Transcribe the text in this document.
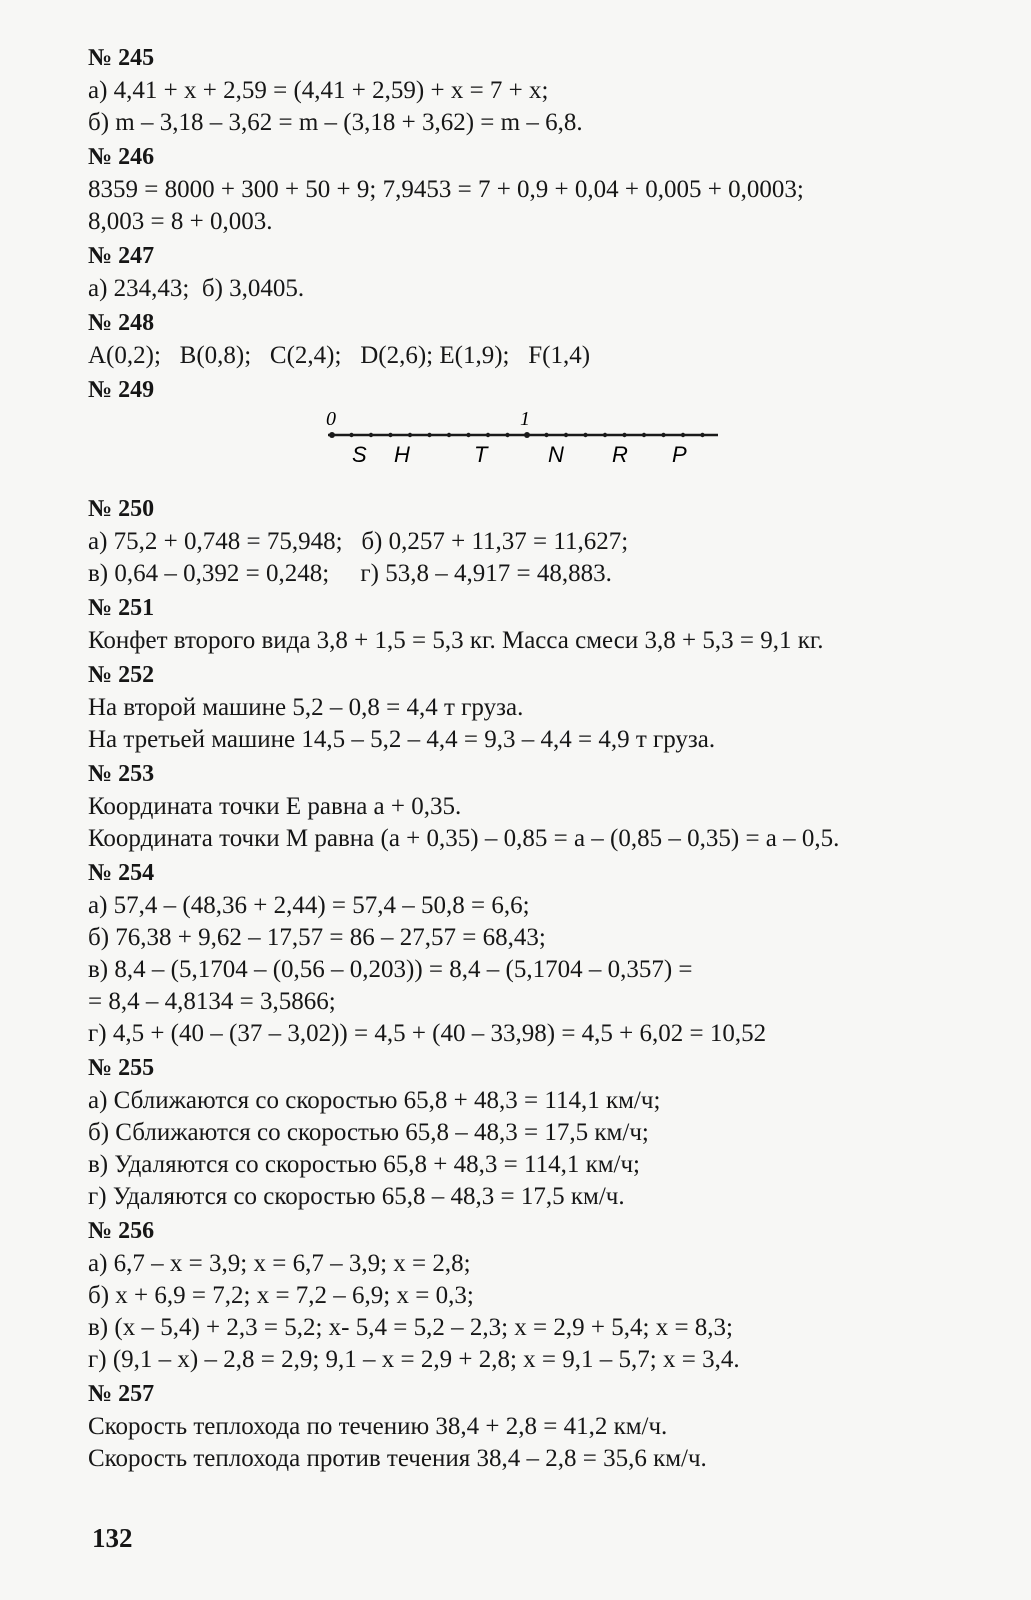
№ 245
а) 4,41 + x + 2,59 = (4,41 + 2,59) + x = 7 + x;
б) m – 3,18 – 3,62 = m – (3,18 + 3,62) = m – 6,8.
№ 246
8359 = 8000 + 300 + 50 + 9; 7,9453 = 7 + 0,9 + 0,04 + 0,005 + 0,0003;
8,003 = 8 + 0,003.
№ 247
а) 234,43;  б) 3,0405.
№ 248
A(0,2);   B(0,8);   C(2,4);   D(2,6); E(1,9);   F(1,4)
№ 249
0	1
S H	T	N R P
№ 250
а) 75,2 + 0,748 = 75,948;   б) 0,257 + 11,37 = 11,627;
в) 0,64 – 0,392 = 0,248;     г) 53,8 – 4,917 = 48,883.
№ 251
Конфет второго вида 3,8 + 1,5 = 5,3 кг. Масса смеси 3,8 + 5,3 = 9,1 кг.
№ 252
На второй машине 5,2 – 0,8 = 4,4 т груза.
На третьей машине 14,5 – 5,2 – 4,4 = 9,3 – 4,4 = 4,9 т груза.
№ 253
Координата точки E равна a + 0,35.
Координата точки M равна (a + 0,35) – 0,85 = a – (0,85 – 0,35) = a – 0,5.
№ 254
а) 57,4 – (48,36 + 2,44) = 57,4 – 50,8 = 6,6;
б) 76,38 + 9,62 – 17,57 = 86 – 27,57 = 68,43;
в) 8,4 – (5,1704 – (0,56 – 0,203)) = 8,4 – (5,1704 – 0,357) =
= 8,4 – 4,8134 = 3,5866;
г) 4,5 + (40 – (37 – 3,02)) = 4,5 + (40 – 33,98) = 4,5 + 6,02 = 10,52
№ 255
а) Сближаются со скоростью 65,8 + 48,3 = 114,1 км/ч;
б) Сближаются со скоростью 65,8 – 48,3 = 17,5 км/ч;
в) Удаляются со скоростью 65,8 + 48,3 = 114,1 км/ч;
г) Удаляются со скоростью 65,8 – 48,3 = 17,5 км/ч.
№ 256
а) 6,7 – x = 3,9; x = 6,7 – 3,9; x = 2,8;
б) x + 6,9 = 7,2; x = 7,2 – 6,9; x = 0,3;
в) (x – 5,4) + 2,3 = 5,2; x- 5,4 = 5,2 – 2,3; x = 2,9 + 5,4; x = 8,3;
г) (9,1 – x) – 2,8 = 2,9; 9,1 – x = 2,9 + 2,8; x = 9,1 – 5,7; x = 3,4.
№ 257
Скорость теплохода по течению 38,4 + 2,8 = 41,2 км/ч.
Скорость теплохода против течения 38,4 – 2,8 = 35,6 км/ч.
132
